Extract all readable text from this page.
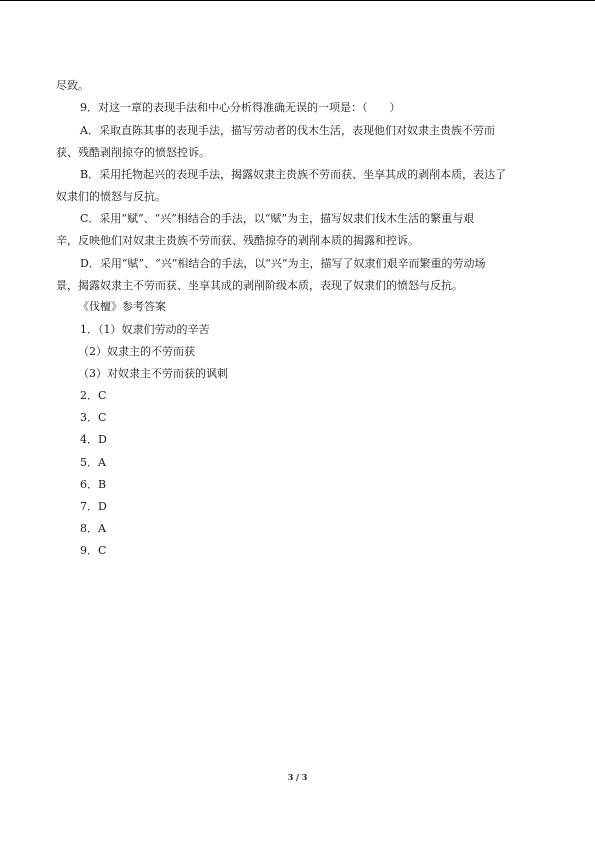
尽致。
9．对这一章的表现手法和中心分析得准确无误的一项是：（　　）
A．采取直陈其事的表现手法，描写劳动者的伐木生活，表现他们对奴隶主贵族不劳而
获、残酷剥削掠夺的愤怒控诉。
B．采用托物起兴的表现手法，揭露奴隶主贵族不劳而获、坐享其成的剥削本质，表达了
奴隶们的愤怒与反抗。
C．采用“赋”、“兴”相结合的手法，以“赋”为主，描写奴隶们伐木生活的繁重与艰
辛，反映他们对奴隶主贵族不劳而获、残酷掠夺的剥削本质的揭露和控诉。
D．采用“赋”、“兴”相结合的手法，以“兴”为主，描写了奴隶们艰辛而繁重的劳动场
景，揭露奴隶主不劳而获、坐享其成的剥削阶级本质，表现了奴隶们的愤怒与反抗。
《伐檀》参考答案
1．（1）奴隶们劳动的辛苦
（2）奴隶主的不劳而获
（3）对奴隶主不劳而获的讽刺
2．C
3．C
4．D
5．A
6．B
7．D
8．A
9．C
3 / 3
